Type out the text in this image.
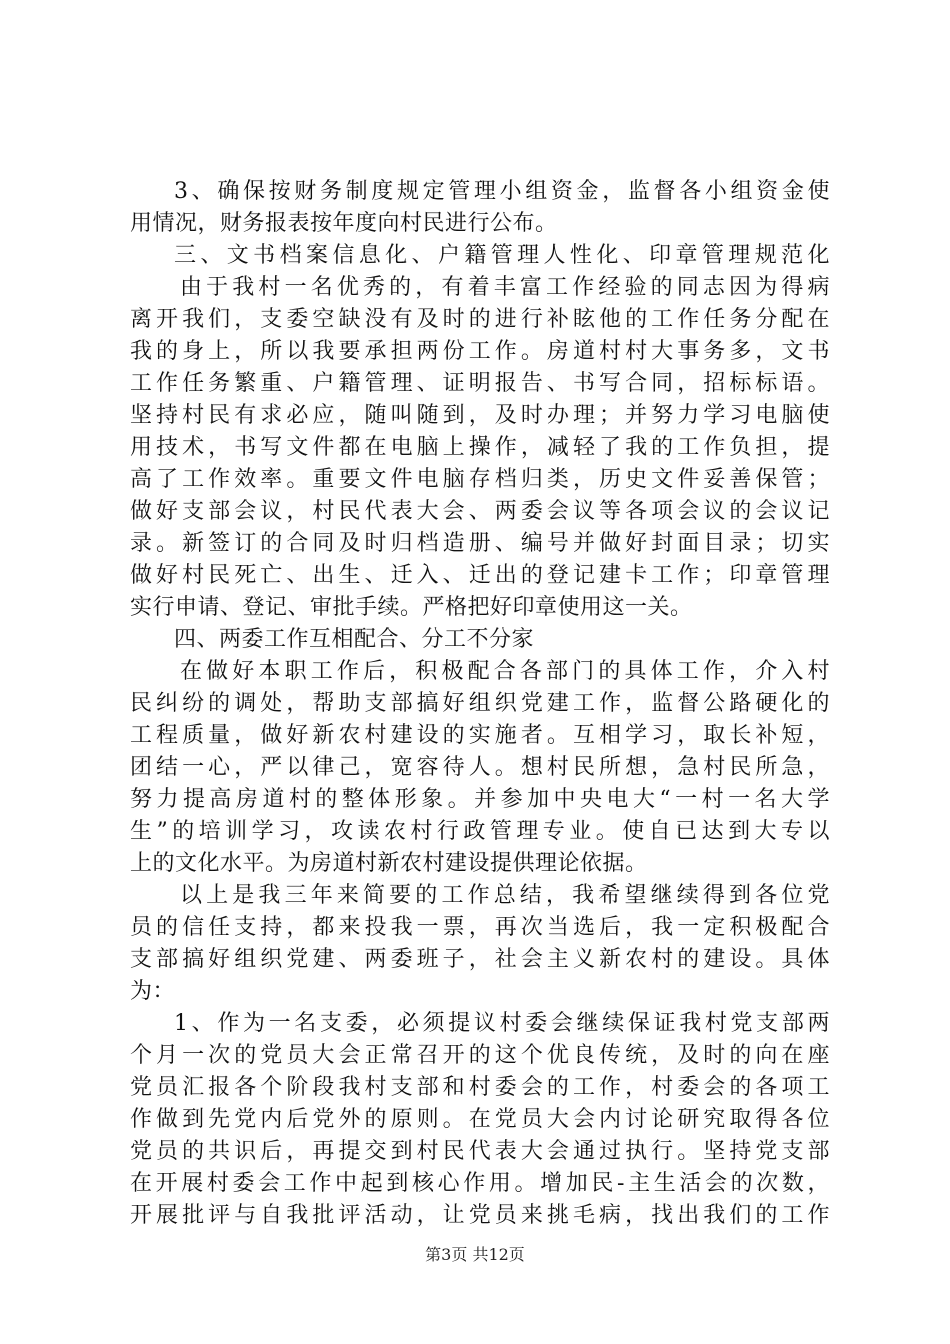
3、确保按财务制度规定管理小组资金，监督各小组资金使
用情况，财务报表按年度向村民进行公布。
三、文书档案信息化、户籍管理人性化、印章管理规范化
由于我村一名优秀的，有着丰富工作经验的同志因为得病
离开我们，支委空缺没有及时的进行补眩他的工作任务分配在
我的身上，所以我要承担两份工作。房道村村大事务多，文书
工作任务繁重、户籍管理、证明报告、书写合同，招标标语。
坚持村民有求必应，随叫随到，及时办理；并努力学习电脑使
用技术，书写文件都在电脑上操作，减轻了我的工作负担，提
高了工作效率。重要文件电脑存档归类，历史文件妥善保管；
做好支部会议，村民代表大会、两委会议等各项会议的会议记
录。新签订的合同及时归档造册、编号并做好封面目录；切实
做好村民死亡、出生、迁入、迁出的登记建卡工作；印章管理
实行申请、登记、审批手续。严格把好印章使用这一关。
四、两委工作互相配合、分工不分家
在做好本职工作后，积极配合各部门的具体工作，介入村
民纠纷的调处，帮助支部搞好组织党建工作，监督公路硬化的
工程质量，做好新农村建设的实施者。互相学习，取长补短，
团结一心，严以律己，宽容待人。想村民所想，急村民所急，
努力提高房道村的整体形象。并参加中央电大“一村一名大学
生”的培训学习，攻读农村行政管理专业。使自已达到大专以
上的文化水平。为房道村新农村建设提供理论依据。
以上是我三年来简要的工作总结，我希望继续得到各位党
员的信任支持，都来投我一票，再次当选后，我一定积极配合
支部搞好组织党建、两委班子，社会主义新农村的建设。具体
为：
1、作为一名支委，必须提议村委会继续保证我村党支部两
个月一次的党员大会正常召开的这个优良传统，及时的向在座
党员汇报各个阶段我村支部和村委会的工作，村委会的各项工
作做到先党内后党外的原则。在党员大会内讨论研究取得各位
党员的共识后，再提交到村民代表大会通过执行。坚持党支部
在开展村委会工作中起到核心作用。增加民-主生活会的次数，
开展批评与自我批评活动，让党员来挑毛病，找出我们的工作
第3页 共12页
